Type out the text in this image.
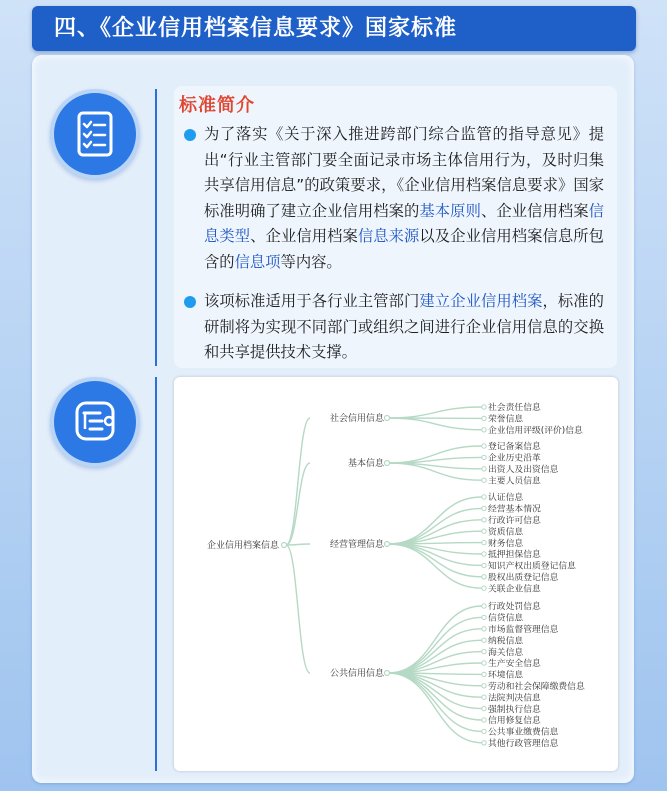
四、《企业信用档案信息要求》国家标准
标准简介
为了落实《关于深入推进跨部门综合监管的指导意见》提出“行业主管部门要全面记录市场主体信用行为，及时归集共享信用信息”的政策要求，《企业信用档案信息要求》国家标准明确了建立企业信用档案的基本原则、企业信用档案信息类型、企业信用档案信息来源以及企业信用档案信息所包含的信息项等内容。
该项标准适用于各行业主管部门建立企业信用档案，标准的研制将为实现不同部门或组织之间进行企业信用信息的交换和共享提供技术支撑。
社会责任信息
荣誉信息
企业信用评级(评价)信息
社会信用信息
登记备案信息
企业历史沿革
出资人及出资信息
主要人员信息
基本信息
认证信息
经营基本情况
行政许可信息
资质信息
财务信息
抵押担保信息
知识产权出质登记信息
股权出质登记信息
关联企业信息
经营管理信息
行政处罚信息
信贷信息
市场监督管理信息
纳税信息
海关信息
生产安全信息
环境信息
劳动和社会保障缴费信息
法院判决信息
强制执行信息
信用修复信息
公共事业缴费信息
其他行政管理信息
公共信用信息
企业信用档案信息
